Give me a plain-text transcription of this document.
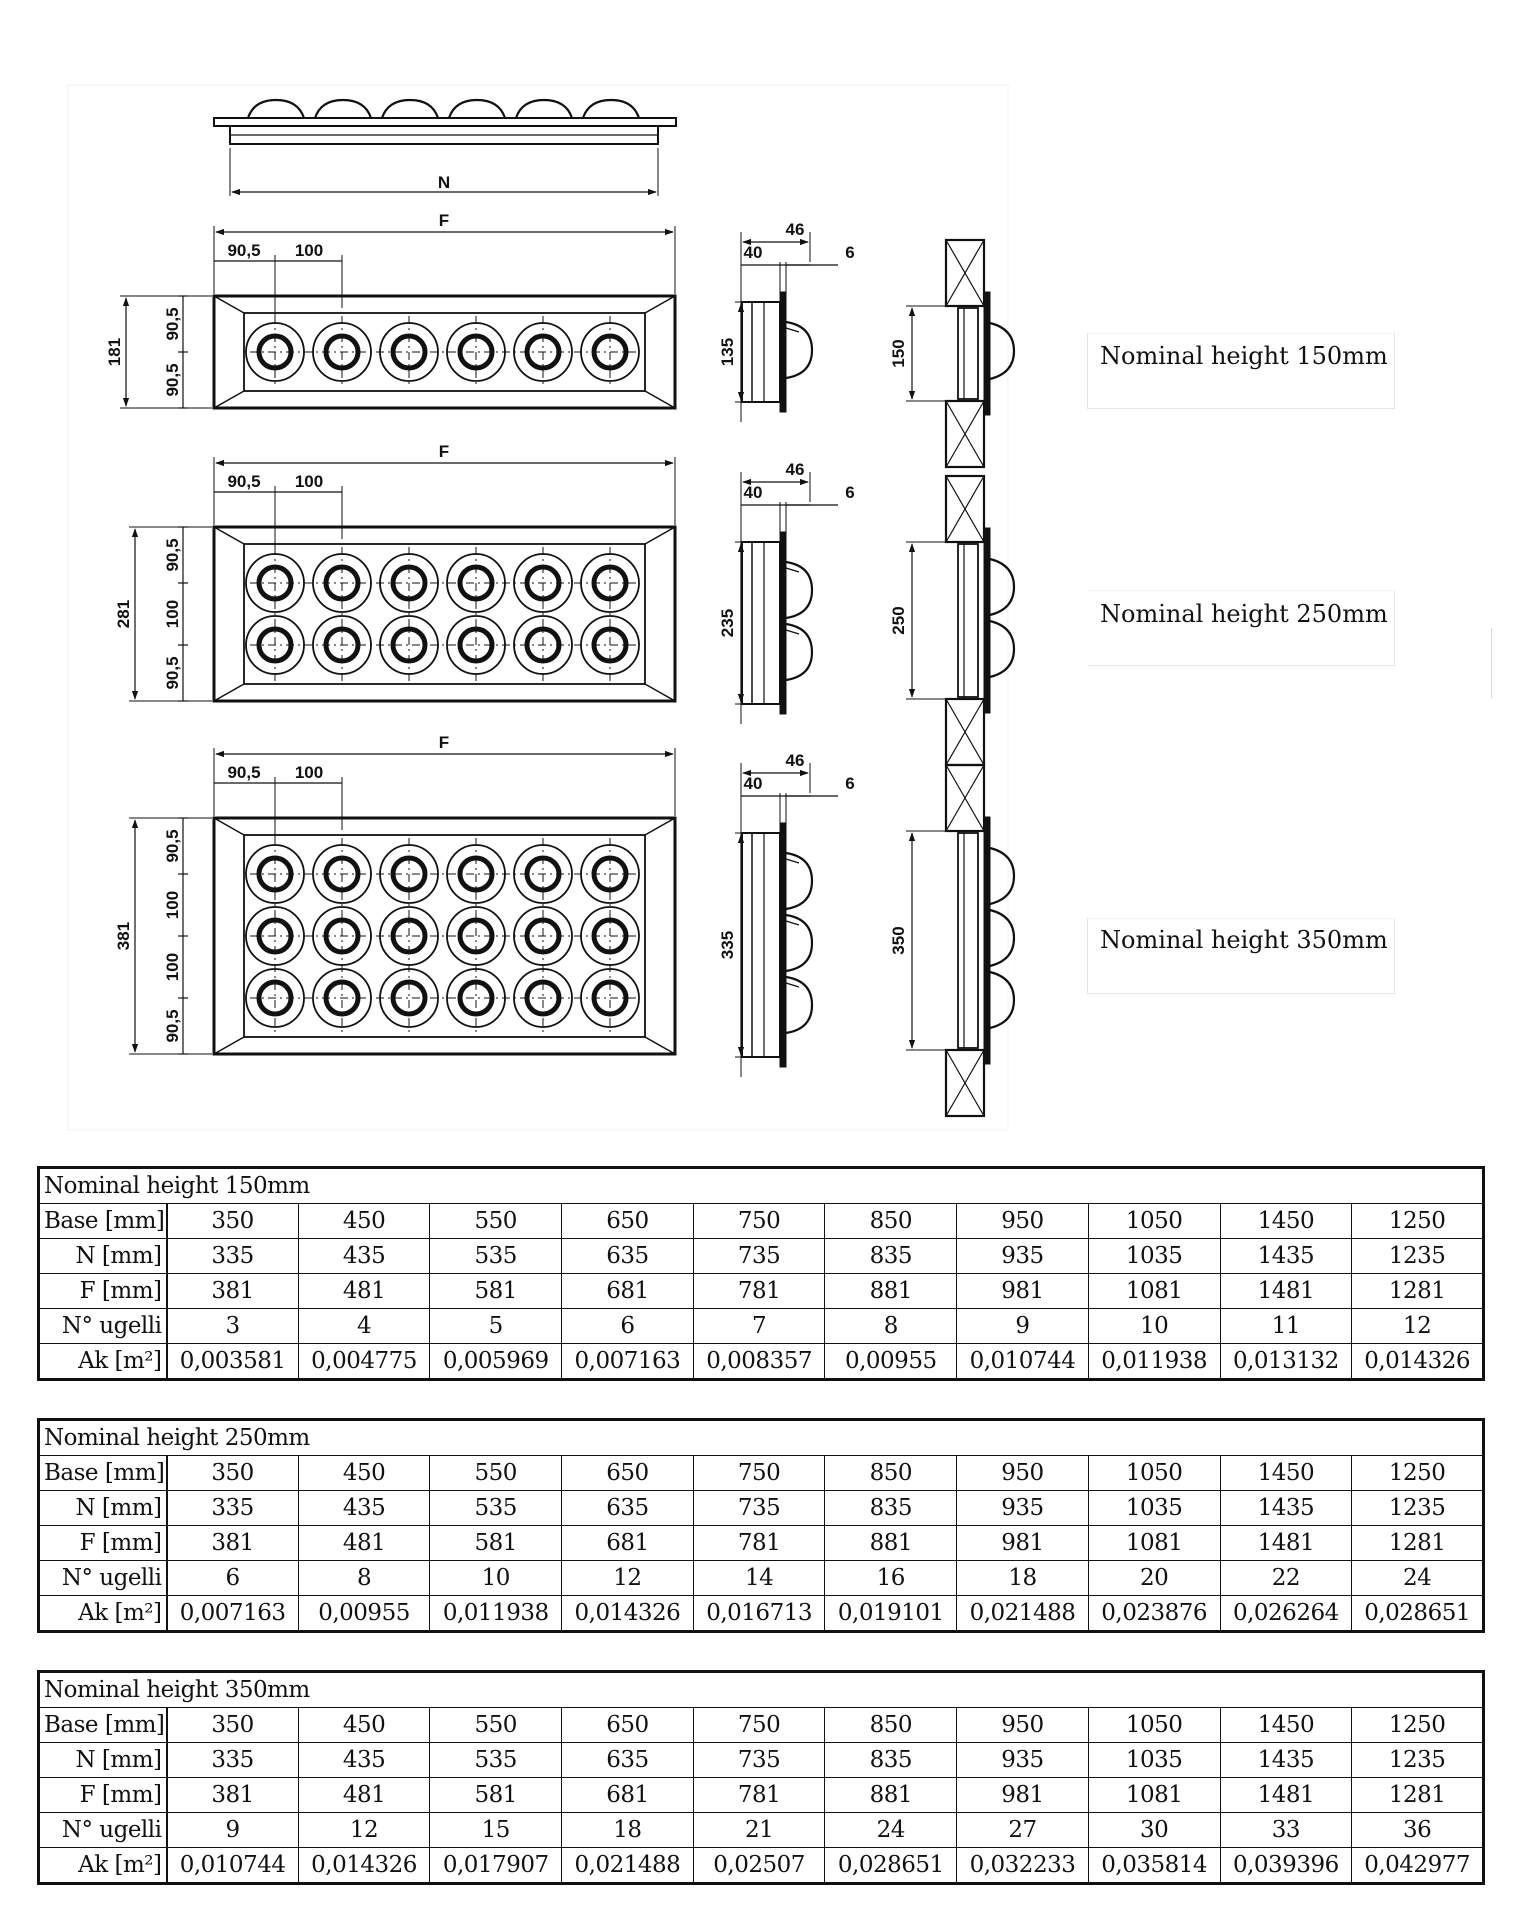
N
F
90,5 100
181
90,5
90,5
F
90,5 100
281
90,5
100
90,5
F
90,5 100
381
90,5
100
100
90,5
46
40	6
135
46
40	6
235
46
40	6
335
150
250
350
Nominal height 150mm
Nominal height 250mm
Nominal height 350mm
Nominal height 150mm										
Base [mm]	350	450	550	650	750	850	950	1050	1450	1250
N [mm]	335	435	535	635	735	835	935	1035	1435	1235
F [mm]	381	481	581	681	781	881	981	1081	1481	1281
N° ugelli	3	4	5	6	7	8	9	10	11	12
Ak [m²]	0,003581	0,004775	0,005969	0,007163	0,008357	0,00955	0,010744	0,011938	0,013132	0,014326
Nominal height 250mm										
Base [mm]	350	450	550	650	750	850	950	1050	1450	1250
N [mm]	335	435	535	635	735	835	935	1035	1435	1235
F [mm]	381	481	581	681	781	881	981	1081	1481	1281
N° ugelli	6	8	10	12	14	16	18	20	22	24
Ak [m²]	0,007163	0,00955	0,011938	0,014326	0,016713	0,019101	0,021488	0,023876	0,026264	0,028651
Nominal height 350mm										
Base [mm]	350	450	550	650	750	850	950	1050	1450	1250
N [mm]	335	435	535	635	735	835	935	1035	1435	1235
F [mm]	381	481	581	681	781	881	981	1081	1481	1281
N° ugelli	9	12	15	18	21	24	27	30	33	36
Ak [m²]	0,010744	0,014326	0,017907	0,021488	0,02507	0,028651	0,032233	0,035814	0,039396	0,042977
